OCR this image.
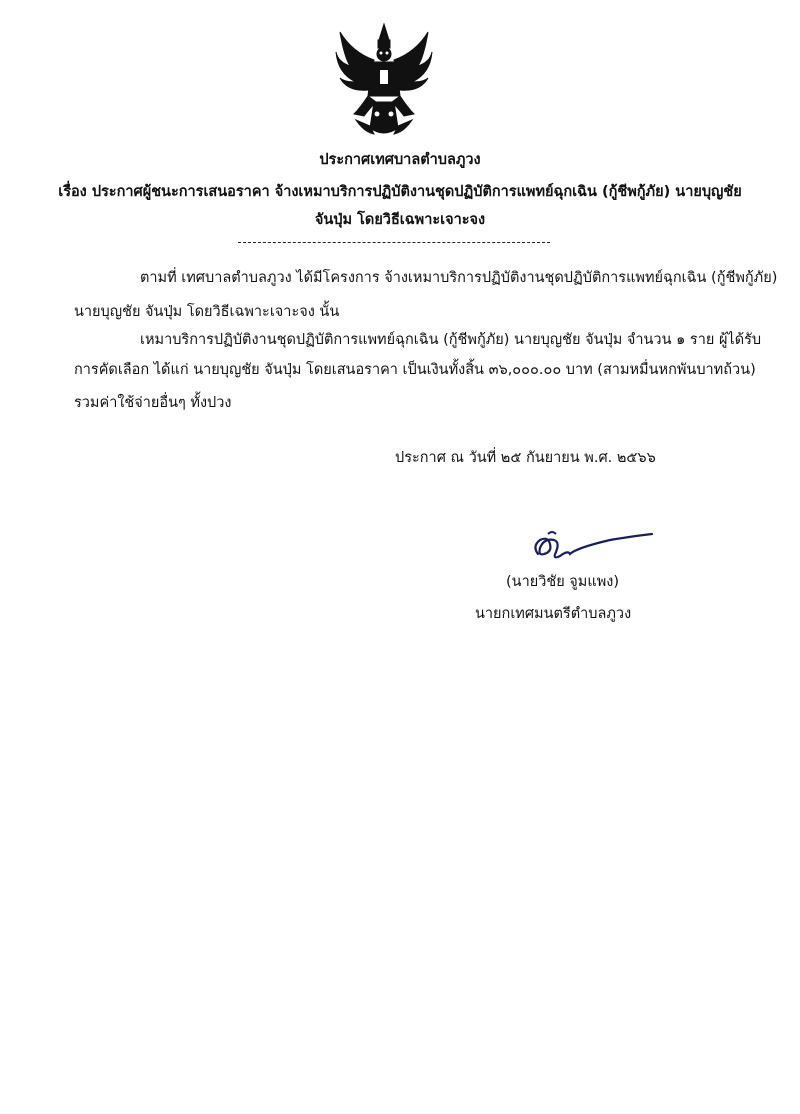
ประกาศเทศบาลตำบลภูวง
เรื่อง ประกาศผู้ชนะการเสนอราคา จ้างเหมาบริการปฏิบัติงานชุดปฏิบัติการแพทย์ฉุกเฉิน (กู้ชีพกู้ภัย) นายบุญชัย
จันปุ่ม โดยวิธีเฉพาะเจาะจง
ตามที่ เทศบาลตำบลภูวง ได้มีโครงการ จ้างเหมาบริการปฏิบัติงานชุดปฏิบัติการแพทย์ฉุกเฉิน (กู้ชีพกู้ภัย)
นายบุญชัย จันปุ่ม โดยวิธีเฉพาะเจาะจง นั้น
เหมาบริการปฏิบัติงานชุดปฏิบัติการแพทย์ฉุกเฉิน (กู้ชีพกู้ภัย) นายบุญชัย จันปุ่ม จำนวน ๑ ราย ผู้ได้รับ
การคัดเลือก ได้แก่ นายบุญชัย จันปุ่ม โดยเสนอราคา เป็นเงินทั้งสิ้น ๓๖,๐๐๐.๐๐ บาท (สามหมื่นหกพันบาทถ้วน)
รวมค่าใช้จ่ายอื่นๆ ทั้งปวง
ประกาศ ณ วันที่ ๒๕ กันยายน พ.ศ. ๒๕๖๖
(นายวิชัย จูมแพง)
นายกเทศมนตรีตำบลภูวง
